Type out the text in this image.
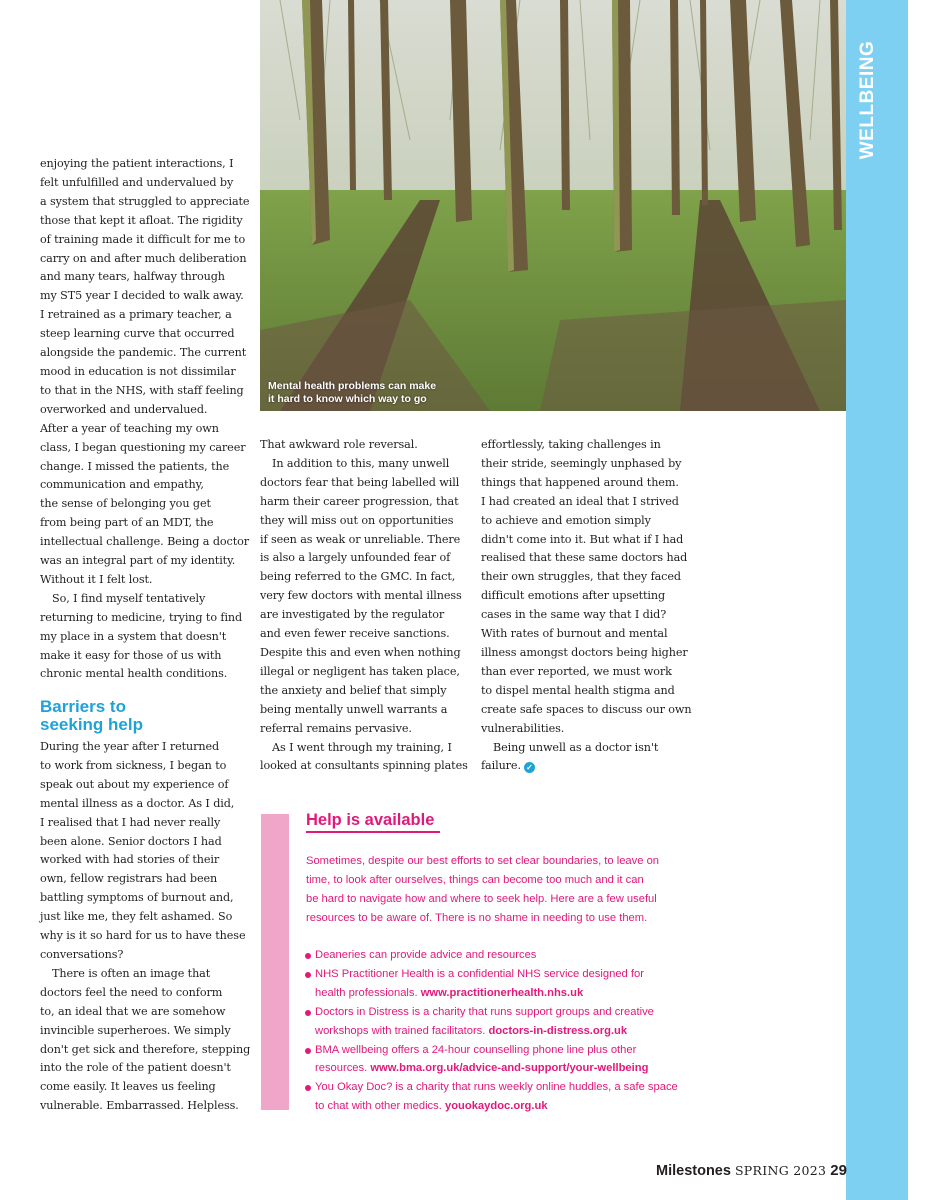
WELLBEING
Mental health problems can make
it hard to know which way to go

enjoying the patient interactions, I
felt unfulfilled and undervalued by
a system that struggled to appreciate
those that kept it afloat. The rigidity
of training made it difficult for me to
carry on and after much deliberation
and many tears, halfway through
my ST5 year I decided to walk away.
I retrained as a primary teacher, a
steep learning curve that occurred
alongside the pandemic. The current
mood in education is not dissimilar
to that in the NHS, with staff feeling
overworked and undervalued.
After a year of teaching my own
class, I began questioning my career
change. I missed the patients, the
communication and empathy,
the sense of belonging you get
from being part of an MDT, the
intellectual challenge. Being a doctor
was an integral part of my identity.
Without it I felt lost.

So, I find myself tentatively
returning to medicine, trying to find
my place in a system that doesn't
make it easy for those of us with
chronic mental health conditions.

Barriers to
seeking help

During the year after I returned
to work from sickness, I began to
speak out about my experience of
mental illness as a doctor. As I did,
I realised that I had never really
been alone. Senior doctors I had
worked with had stories of their
own, fellow registrars had been
battling symptoms of burnout and,
just like me, they felt ashamed. So
why is it so hard for us to have these
conversations?

There is often an image that
doctors feel the need to conform
to, an ideal that we are somehow
invincible superheroes. We simply
don't get sick and therefore, stepping
into the role of the patient doesn't
come easily. It leaves us feeling
vulnerable. Embarrassed. Helpless.

That awkward role reversal.

In addition to this, many unwell
doctors fear that being labelled will
harm their career progression, that
they will miss out on opportunities
if seen as weak or unreliable. There
is also a largely unfounded fear of
being referred to the GMC. In fact,
very few doctors with mental illness
are investigated by the regulator
and even fewer receive sanctions.
Despite this and even when nothing
illegal or negligent has taken place,
the anxiety and belief that simply
being mentally unwell warrants a
referral remains pervasive.

As I went through my training, I
looked at consultants spinning plates

effortlessly, taking challenges in
their stride, seemingly unphased by
things that happened around them.
I had created an ideal that I strived
to achieve and emotion simply
didn't come into it. But what if I had
realised that these same doctors had
their own struggles, that they faced
difficult emotions after upsetting
cases in the same way that I did?
With rates of burnout and mental
illness amongst doctors being higher
than ever reported, we must work
to dispel mental health stigma and
create safe spaces to discuss our own
vulnerabilities.

Being unwell as a doctor isn't
failure. ✓

Help is available
Sometimes, despite our best efforts to set clear boundaries, to leave on
time, to look after ourselves, things can become too much and it can
be hard to navigate how and where to seek help. Here are a few useful
resources to be aware of. There is no shame in needing to use them.
Deaneries can provide advice and resources
NHS Practitioner Health is a confidential NHS service designed for
health professionals. www.practitionerhealth.nhs.uk
Doctors in Distress is a charity that runs support groups and creative
workshops with trained facilitators. doctors-in-distress.org.uk
BMA wellbeing offers a 24-hour counselling phone line plus other
resources. www.bma.org.uk/advice-and-support/your-wellbeing
You Okay Doc? is a charity that runs weekly online huddles, a safe space
to chat with other medics. youokaydoc.org.uk
Milestones SPRING 2023 29
